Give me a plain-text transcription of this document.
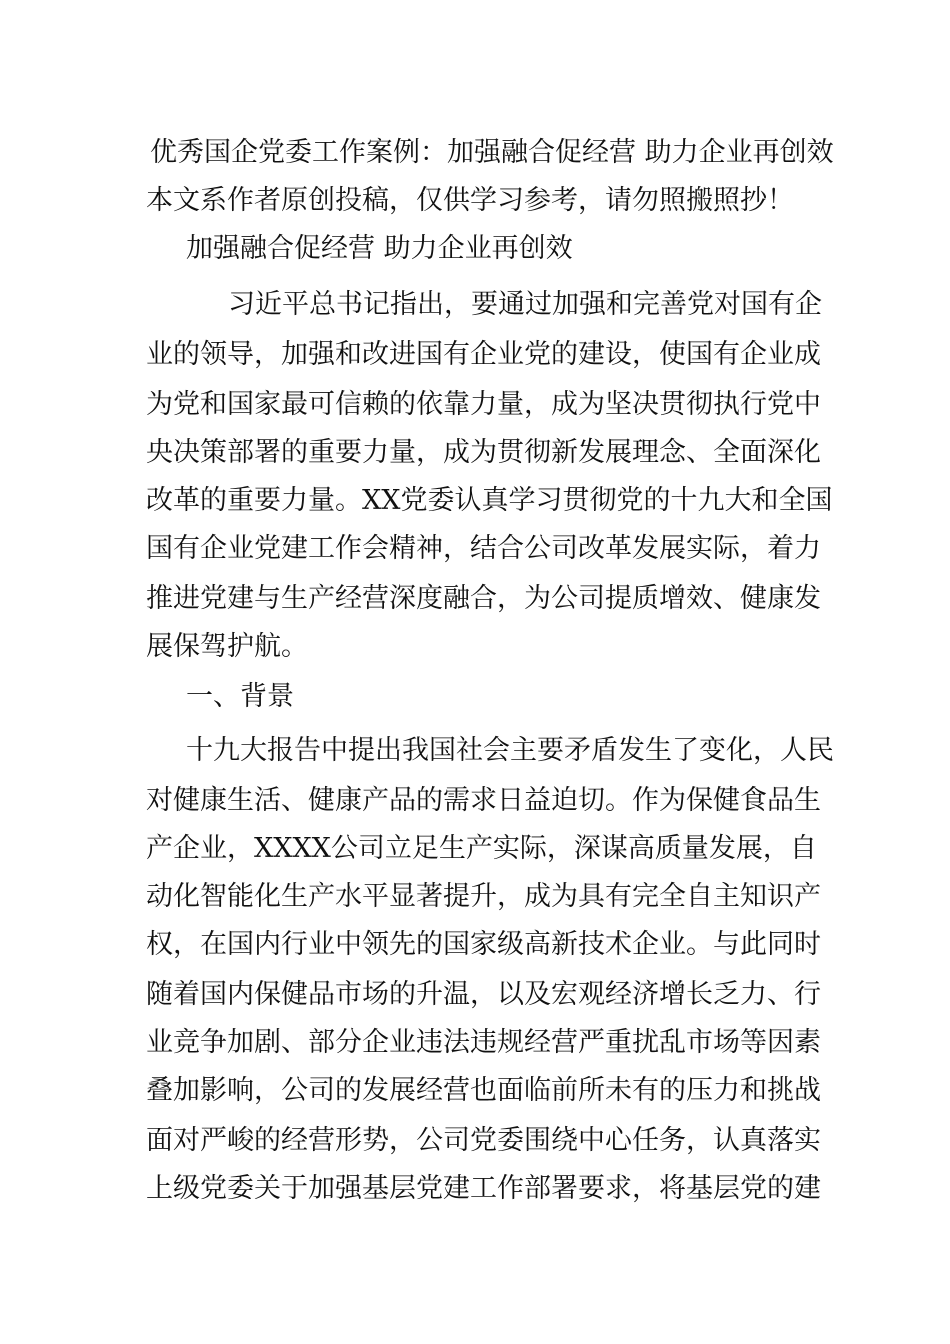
优秀国企党委工作案例：加强融合促经营 助力企业再创效

本文系作者原创投稿，仅供学习参考，请勿照搬照抄！

加强融合促经营 助力企业再创效

习近平总书记指出，要通过加强和完善党对国有企

业的领导，加强和改进国有企业党的建设，使国有企业成

为党和国家最可信赖的依靠力量，成为坚决贯彻执行党中

央决策部署的重要力量，成为贯彻新发展理念、全面深化

改革的重要力量。XX党委认真学习贯彻党的十九大和全国

国有企业党建工作会精神，结合公司改革发展实际，着力

推进党建与生产经营深度融合，为公司提质增效、健康发

展保驾护航。

一、背景

十九大报告中提出我国社会主要矛盾发生了变化，人民

对健康生活、健康产品的需求日益迫切。作为保健食品生

产企业，XXXX公司立足生产实际，深谋高质量发展，自

动化智能化生产水平显著提升，成为具有完全自主知识产

权，在国内行业中领先的国家级高新技术企业。与此同时

随着国内保健品市场的升温，以及宏观经济增长乏力、行

业竞争加剧、部分企业违法违规经营严重扰乱市场等因素

叠加影响，公司的发展经营也面临前所未有的压力和挑战

面对严峻的经营形势，公司党委围绕中心任务，认真落实

上级党委关于加强基层党建工作部署要求，将基层党的建
